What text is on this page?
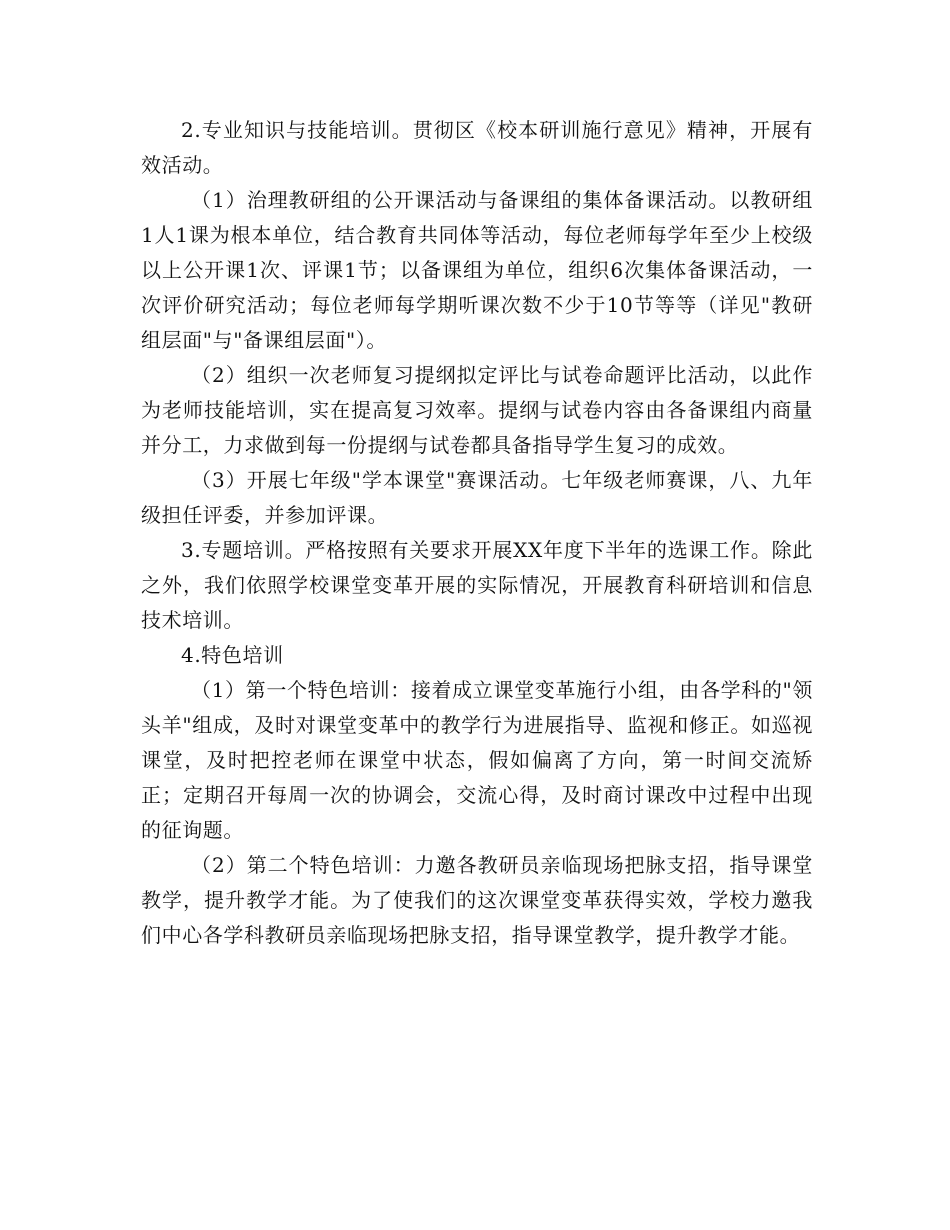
2.专业知识与技能培训。贯彻区《校本研训施行意见》精神，开展有效活动。

（1）治理教研组的公开课活动与备课组的集体备课活动。以教研组1人1课为根本单位，结合教育共同体等活动，每位老师每学年至少上校级以上公开课1次、评课1节；以备课组为单位，组织6次集体备课活动，一次评价研究活动；每位老师每学期听课次数不少于10节等等（详见"教研组层面"与"备课组层面"）。

（2）组织一次老师复习提纲拟定评比与试卷命题评比活动，以此作为老师技能培训，实在提高复习效率。提纲与试卷内容由各备课组内商量并分工，力求做到每一份提纲与试卷都具备指导学生复习的成效。

（3）开展七年级"学本课堂"赛课活动。七年级老师赛课，八、九年级担任评委，并参加评课。

3.专题培训。严格按照有关要求开展XX年度下半年的选课工作。除此之外，我们依照学校课堂变革开展的实际情况，开展教育科研培训和信息技术培训。

4.特色培训

（1）第一个特色培训：接着成立课堂变革施行小组，由各学科的"领头羊"组成，及时对课堂变革中的教学行为进展指导、监视和修正。如巡视课堂，及时把控老师在课堂中状态，假如偏离了方向，第一时间交流矫正；定期召开每周一次的协调会，交流心得，及时商讨课改中过程中出现的征询题。

（2）第二个特色培训：力邀各教研员亲临现场把脉支招，指导课堂教学，提升教学才能。为了使我们的这次课堂变革获得实效，学校力邀我们中心各学科教研员亲临现场把脉支招，指导课堂教学，提升教学才能。
